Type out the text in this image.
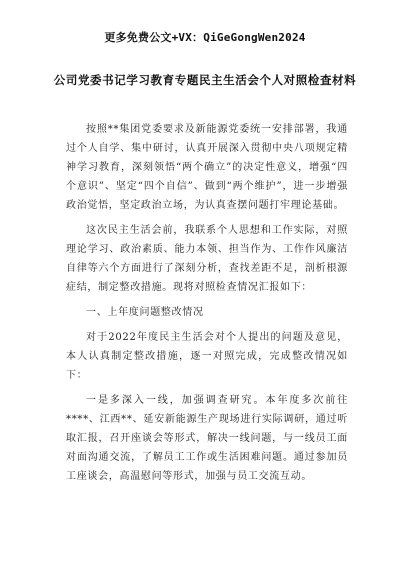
更多免费公文+VX：QiGeGongWen2024
公司党委书记学习教育专题民主生活会个人对照检查材料

按照**集团党委要求及新能源党委统一安排部署，我通过个人自学、集中研讨，认真开展深入贯彻中央八项规定精神学习教育，深刻领悟“两个确立”的决定性意义，增强“四个意识”、坚定“四个自信”、做到“两个维护”，进一步增强政治觉悟，坚定政治立场，为认真查摆问题打牢理论基础。

这次民主生活会前，我联系个人思想和工作实际，对照理论学习、政治素质、能力本领、担当作为、工作作风廉洁自律等六个方面进行了深刻分析，查找差距不足，剖析根源症结，制定整改措施。现将对照检查情况汇报如下：

一、上年度问题整改情况

对于2022年度民主生活会对个人提出的问题及意见，本人认真制定整改措施，逐一对照完成，完成整改情况如下：

一是多深入一线，加强调查研究。本年度多次前往****、江西**、延安新能源生产现场进行实际调研，通过听取汇报，召开座谈会等形式，解决一线问题，与一线员工面对面沟通交流，了解员工工作或生活困难问题。通过参加员工座谈会，高温慰问等形式，加强与员工交流互动。
